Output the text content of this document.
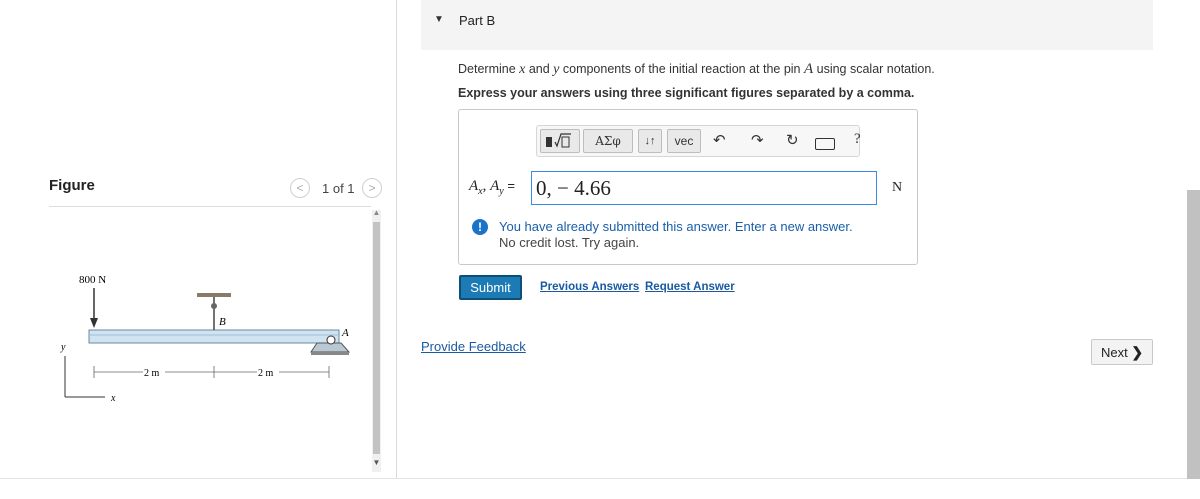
Figure	<	1 of 1	>
800 N
B
A
y
x
2 m	2 m
▲
▼
▼ Part B
Determine x and y components of the initial reaction at the pin A using scalar notation.
Express your answers using three significant figures separated by a comma.
ΑΣφ	↓↑	vec	↶ ↷ ↻	?
$A_x$, $A_y = 0$, − 4.66	N
!	You have already submitted this answer. Enter a new answer.
No credit lost. Try again.
Submit	Previous Answers Request Answer
Provide Feedback	Next ❯
